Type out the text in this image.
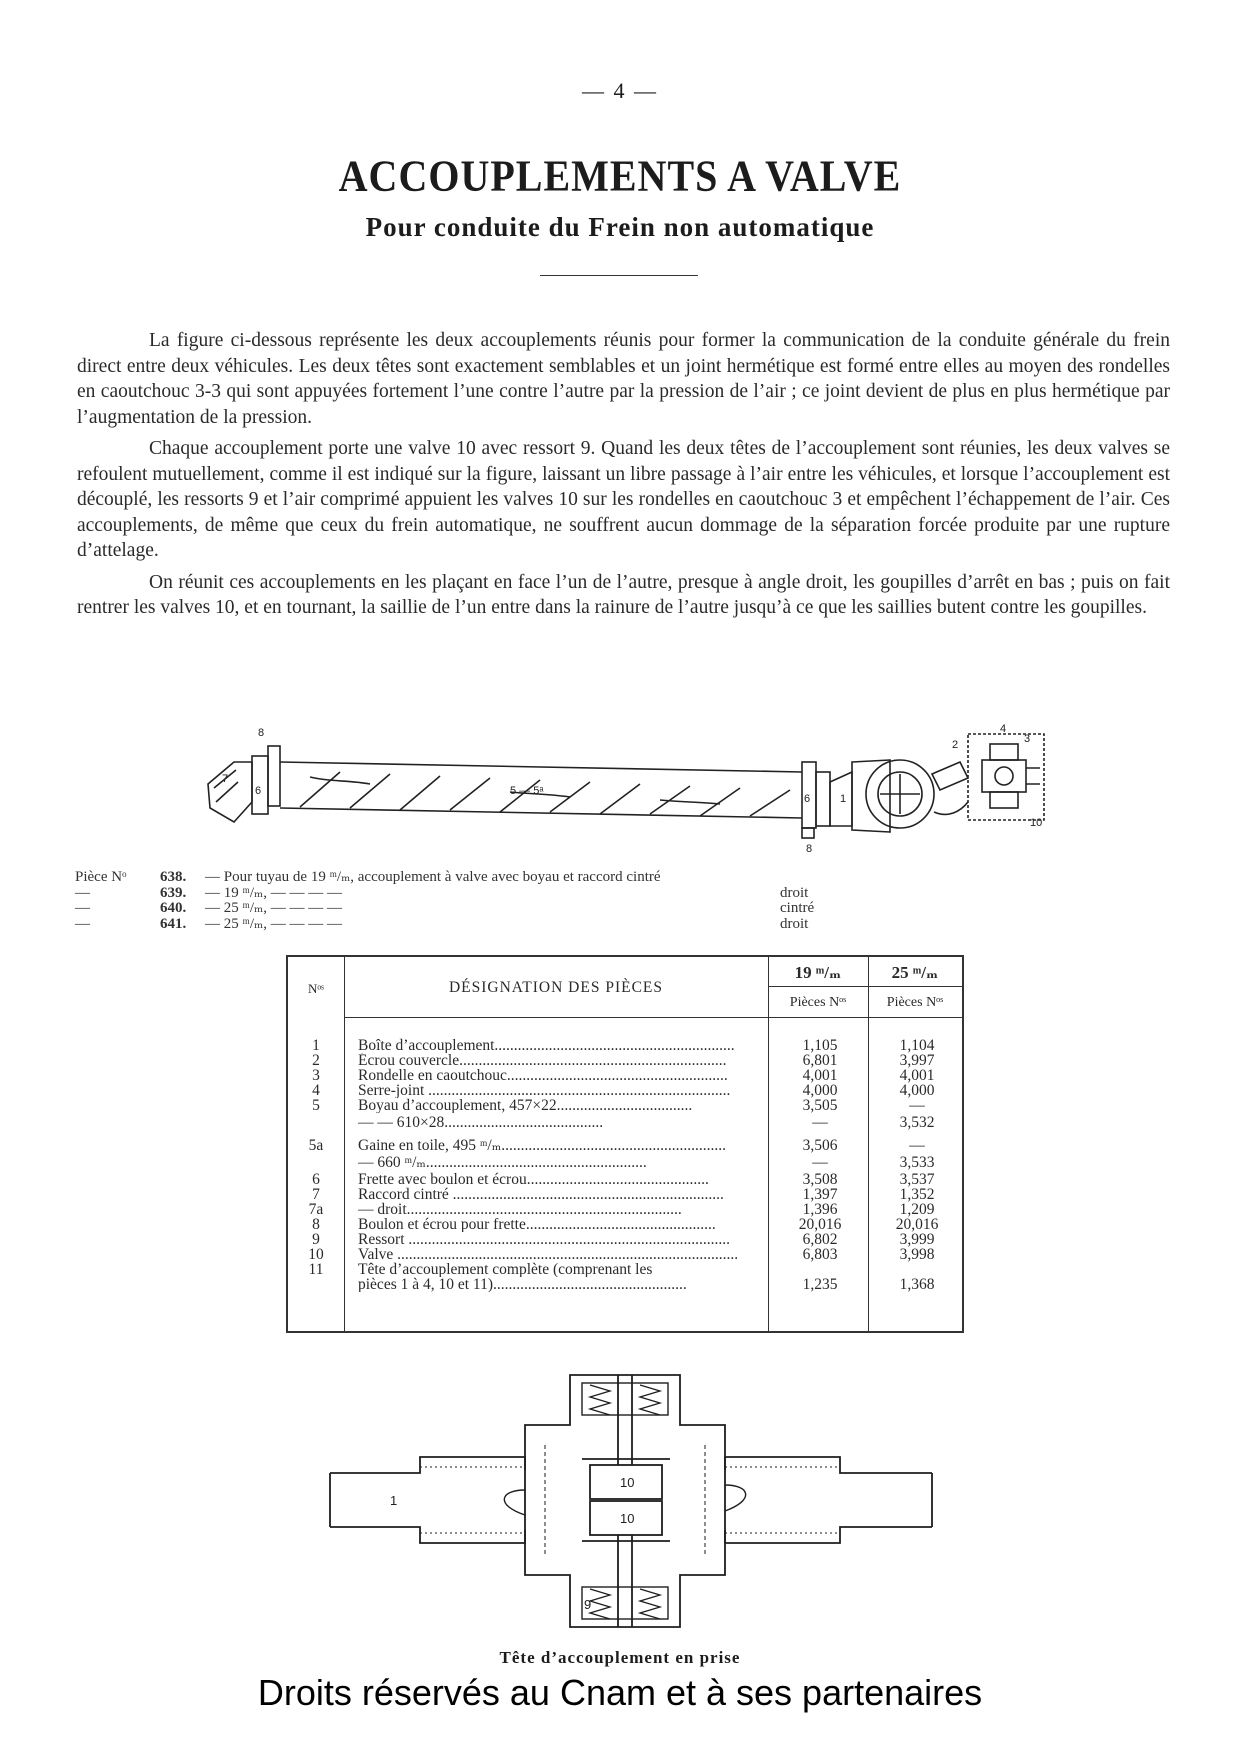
— 4 —
ACCOUPLEMENTS A VALVE
Pour conduite du Frein non automatique

La figure ci-dessous représente les deux accouplements réunis pour former la communication de la conduite générale du frein direct entre deux véhicules. Les deux têtes sont exactement semblables et un joint hermétique est formé entre elles au moyen des rondelles en caoutchouc 3-3 qui sont appuyées fortement l’une contre l’autre par la pression de l’air ; ce joint devient de plus en plus hermétique par l’augmentation de la pression.

Chaque accouplement porte une valve 10 avec ressort 9. Quand les deux têtes de l’accouplement sont réunies, les deux valves se refoulent mutuellement, comme il est indiqué sur la figure, laissant un libre passage à l’air entre les véhicules, et lorsque l’accouplement est découplé, les ressorts 9 et l’air comprimé appuient les valves 10 sur les rondelles en caoutchouc 3 et empêchent l’échappement de l’air. Ces accouplements, de même que ceux du frein automatique, ne souffrent aucun dommage de la séparation forcée produite par une rupture d’attelage.

On réunit ces accouplements en les plaçant en face l’un de l’autre, presque à angle droit, les goupilles d’arrêt en bas ; puis on fait rentrer les valves 10, et en tournant, la saillie de l’un entre dans la rainure de l’autre jusqu’à ce que les saillies butent contre les goupilles.

8
7
6	5 — 5ᵃ
6	1
8
2
4
3
10
Pièce Nᵒ 638. — Pour tuyau de 19 ᵐ/ₘ, accouplement à valve avec boyau et raccord cintré
—	639. — 19 ᵐ/ₘ, — — — —	droit
—	640. — 25 ᵐ/ₘ, — — — —	cintré
—	641. — 25 ᵐ/ₘ, — — — —	droit
Nᵒˢ	DÉSIGNATION DES PIÈCES
19 ᵐ/ₘ	25 ᵐ/ₘ
Pièces Nᵒˢ	Pièces Nᵒˢ
1	Boîte d’accouplement..............................................................	1,105	1,104
2	Écrou couvercle.....................................................................	6,801	3,997
3	Rondelle en caoutchouc.........................................................	4,001	4,001
4	Serre-joint ..............................................................................	4,000	4,000
5	Boyau d’accouplement, 457×22...................................	3,505	—
— — 610×28.........................................	—	3,532
5a	Gaine en toile, 495 ᵐ/ₘ..........................................................	3,506	—
— 660 ᵐ/ₘ.........................................................	—	3,533
6	Frette avec boulon et écrou...............................................	3,508	3,537
7	Raccord cintré ......................................................................	1,397	1,352
7a	— droit.......................................................................	1,396	1,209
8	Boulon et écrou pour frette.................................................	20,016	20,016
9	Ressort ...................................................................................	6,802	3,999
10	Valve ........................................................................................	6,803	3,998
11	Tête d’accouplement complète (comprenant les
pièces 1 à 4, 10 et 11)..................................................	1,235	1,368
1
10
10
9
Tête d’accouplement en prise
Droits réservés au Cnam et à ses partenaires
